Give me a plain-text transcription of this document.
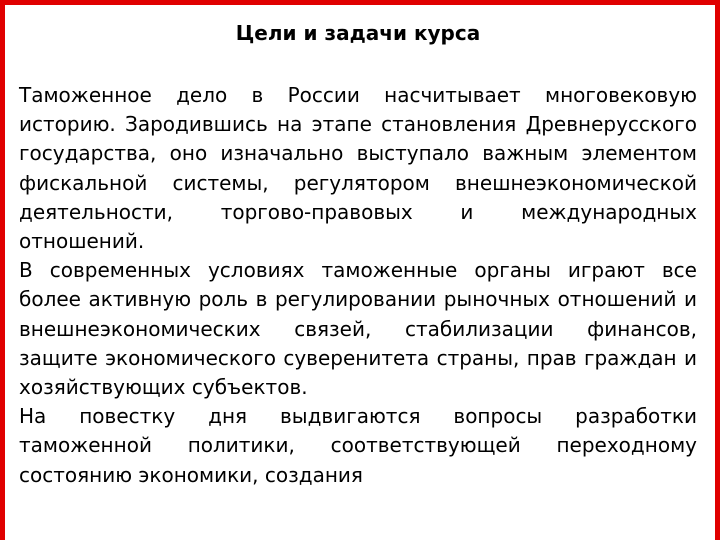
Цели и задачи курса

Таможенное дело в России насчитывает многовековую историю. Зародившись на этапе становления Древнерусского государства, оно изначально выступало важным элементом фискальной системы, регулятором внешнеэкономической деятельности, торгово-правовых и международных отношений.

В современных условиях таможенные органы играют все более активную роль в регулировании рыночных отношений и внешнеэкономических связей, стабилизации финансов, защите экономического суверенитета страны, прав граждан и хозяйствующих субъектов.

На повестку дня выдвигаются вопросы разработки таможенной политики, соответствующей переходному состоянию экономики, создания
